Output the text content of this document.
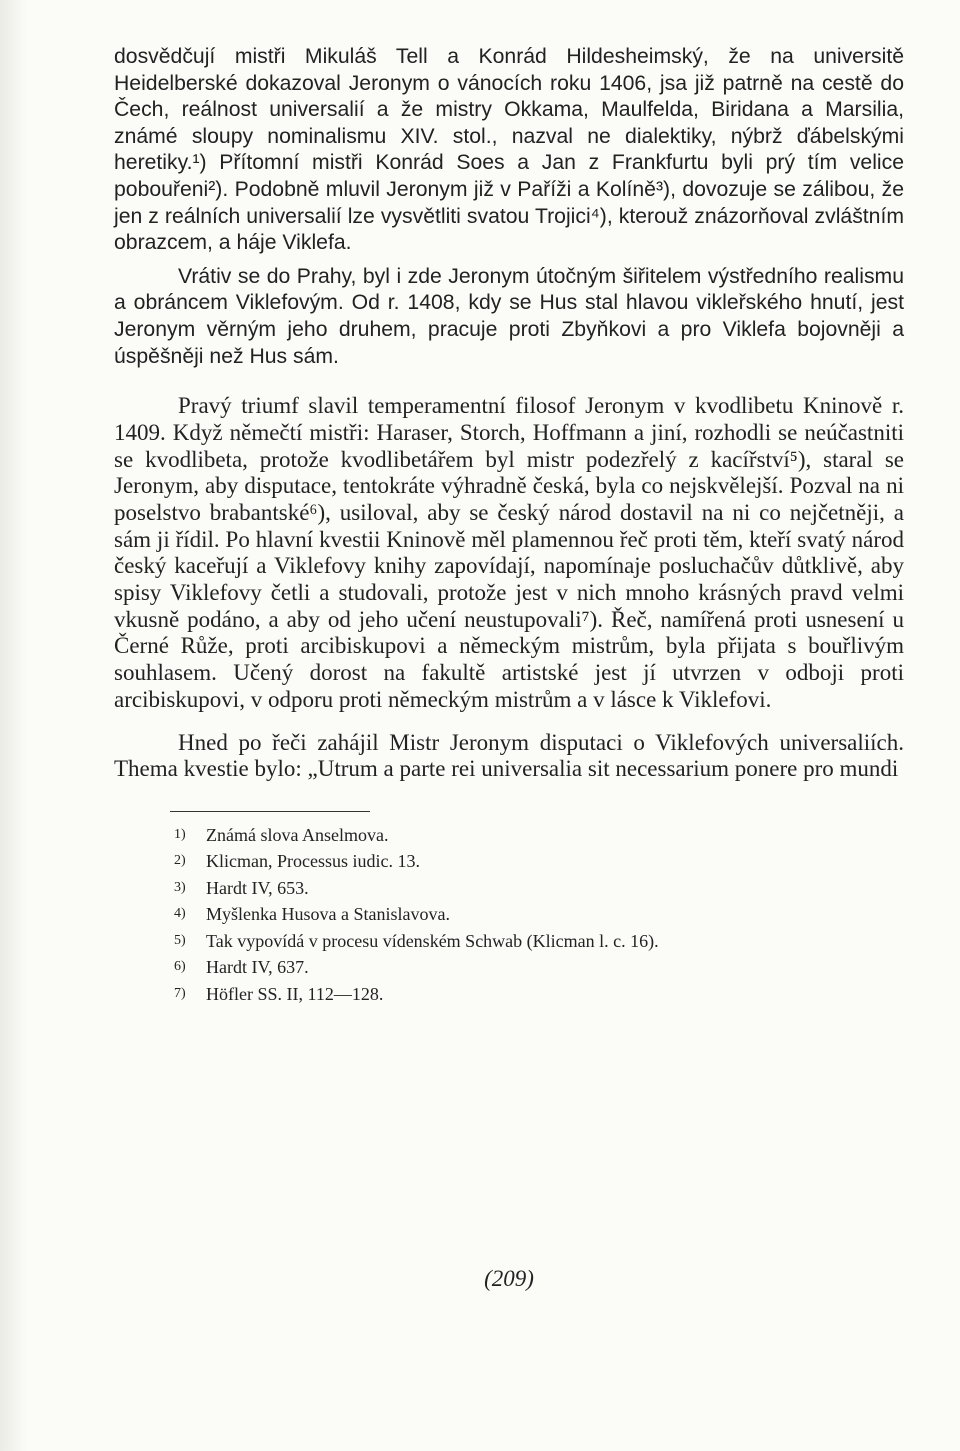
dosvědčují mistři Mikuláš Tell a Konrád Hildesheimský, že na universitě Heidelberské dokazoval Jeronym o vánocích roku 1406, jsa již patrně na cestě do Čech, reálnost universalií a že mistry Okkama, Maulfelda, Biridana a Marsilia, známé sloupy nominalismu XIV. stol., nazval ne dialektiky, nýbrž ďábelskými heretiky.¹) Přítomní mistři Konrád Soes a Jan z Frankfurtu byli prý tím velice pobouřeni²). Podobně mluvil Jeronym již v Paříži a Kolíně³), dovozuje se zálibou, že jen z reálních universalií lze vysvětliti svatou Trojici⁴), kterouž znázorňoval zvláštním obrazcem, a háje Viklefa.

Vrátiv se do Prahy, byl i zde Jeronym útočným šiřitelem výstředního realismu a obráncem Viklefovým. Od r. 1408, kdy se Hus stal hlavou vikleřského hnutí, jest Jeronym věrným jeho druhem, pracuje proti Zbyňkovi a pro Viklefa bojovněji a úspěšněji než Hus sám.

Pravý triumf slavil temperamentní filosof Jeronym v kvodlibetu Kninově r. 1409. Když němečtí mistři: Haraser, Storch, Hoffmann a jiní, rozhodli se neúčastniti se kvodlibeta, protože kvodlibetářem byl mistr podezřelý z kacířství⁵), staral se Jeronym, aby disputace, tentokráte výhradně česká, byla co nejskvělejší. Pozval na ni poselstvo brabantské⁶), usiloval, aby se český národ dostavil na ni co nejčetněji, a sám ji řídil. Po hlavní kvestii Kninově měl plamennou řeč proti těm, kteří svatý národ český kaceřují a Viklefovy knihy zapovídají, napomínaje posluchačův důtklivě, aby spisy Viklefovy četli a studovali, protože jest v nich mnoho krásných pravd velmi vkusně podáno, a aby od jeho učení neustupovali⁷). Řeč, namířená proti usnesení u Černé Růže, proti arcibiskupovi a německým mistrům, byla přijata s bouřlivým souhlasem. Učený dorost na fakultě artistské jest jí utvrzen v odboji proti arcibiskupovi, v odporu proti německým mistrům a v lásce k Viklefovi.

Hned po řeči zahájil Mistr Jeronym disputaci o Viklefových universaliích. Thema kvestie bylo: „Utrum a parte rei universalia sit necessarium ponere pro mundi

1) Známá slova Anselmova.
2) Klicman, Processus iudic. 13.
3) Hardt IV, 653.
4) Myšlenka Husova a Stanislavova.
5) Tak vypovídá v procesu vídenském Schwab (Klicman l. c. 16).
6) Hardt IV, 637.
7) Höfler SS. II, 112—128.
(209)
